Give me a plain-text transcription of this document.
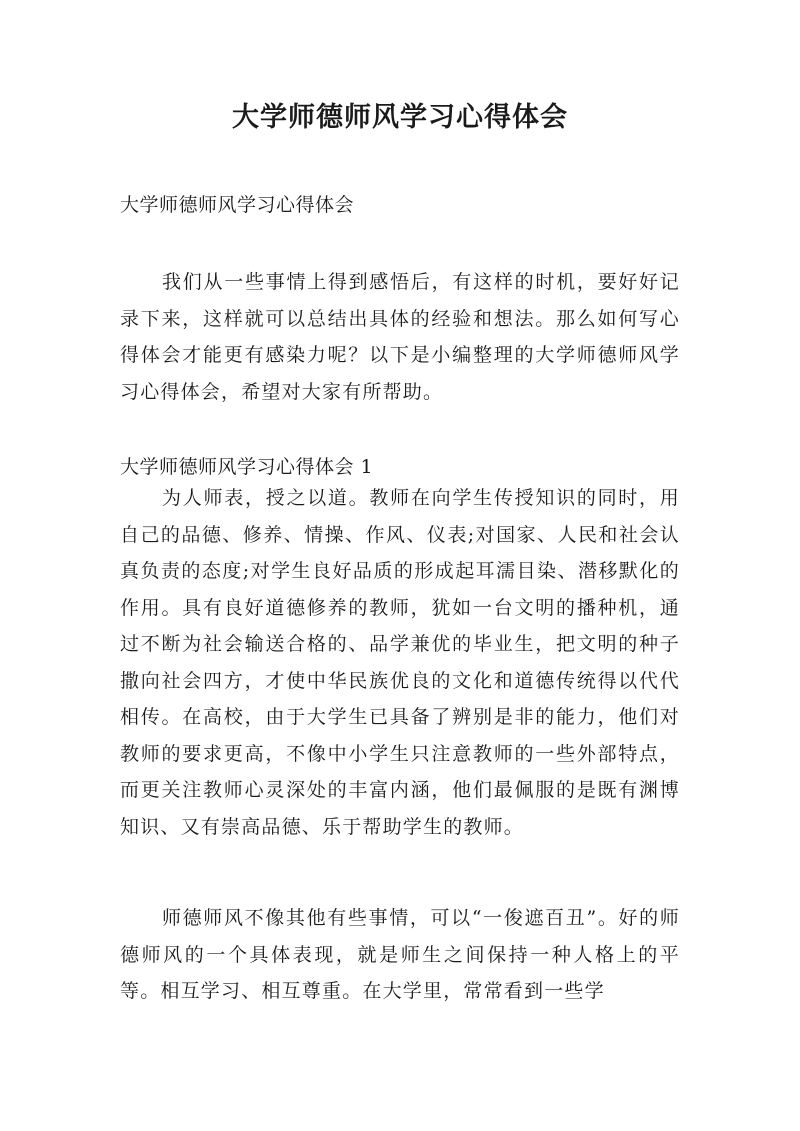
大学师德师风学习心得体会

大学师德师风学习心得体会

我们从一些事情上得到感悟后，有这样的时机，要好好记录下来，这样就可以总结出具体的经验和想法。那么如何写心得体会才能更有感染力呢？以下是小编整理的大学师德师风学习心得体会，希望对大家有所帮助。

大学师德师风学习心得体会 1

为人师表，授之以道。教师在向学生传授知识的同时，用自己的品德、修养、情操、作风、仪表;对国家、人民和社会认真负责的态度;对学生良好品质的形成起耳濡目染、潜移默化的作用。具有良好道德修养的教师，犹如一台文明的播种机，通过不断为社会输送合格的、品学兼优的毕业生，把文明的种子撒向社会四方，才使中华民族优良的文化和道德传统得以代代相传。在高校，由于大学生已具备了辨别是非的能力，他们对教师的要求更高，不像中小学生只注意教师的一些外部特点，而更关注教师心灵深处的丰富内涵，他们最佩服的是既有渊博知识、又有崇高品德、乐于帮助学生的教师。

师德师风不像其他有些事情，可以“一俊遮百丑”。好的师德师风的一个具体表现，就是师生之间保持一种人格上的平等。相互学习、相互尊重。在大学里，常常看到一些学
